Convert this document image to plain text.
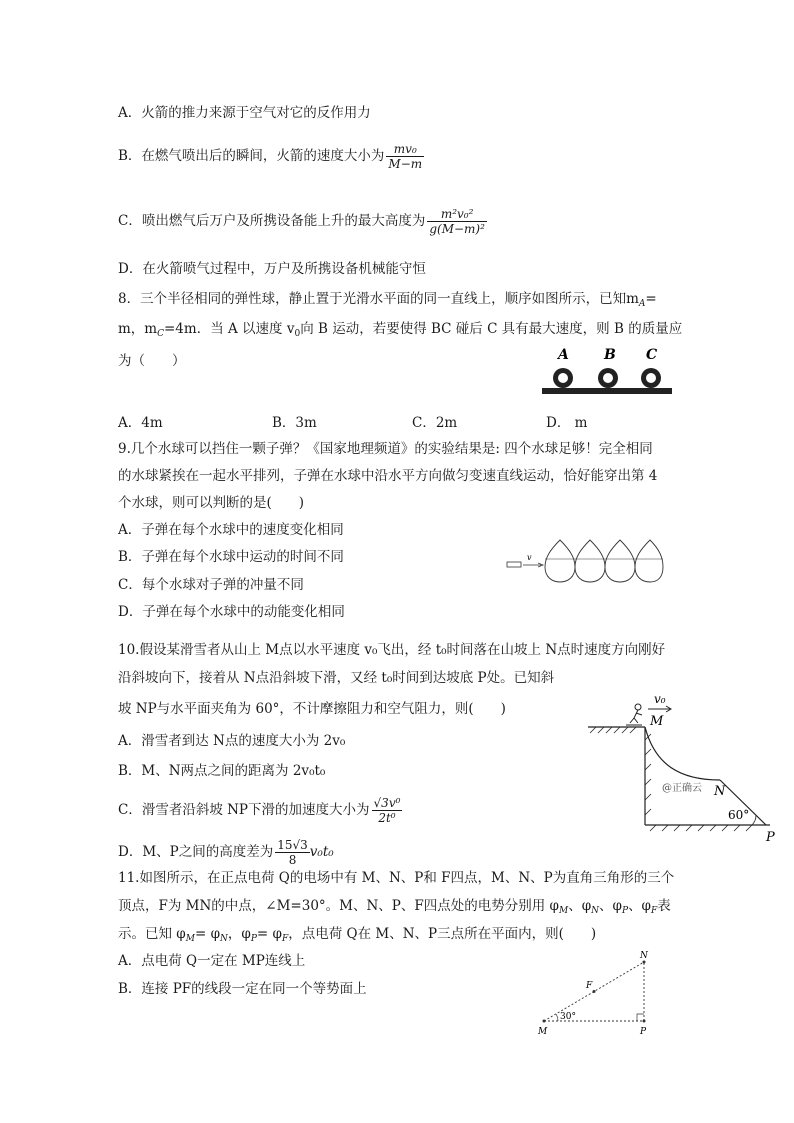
A．火箭的推力来源于空气对它的反作用力
B．在燃气喷出后的瞬间，火箭的速度大小为 $\frac{\text{mv₀}}{M-m}$
C．喷出燃气后万户及所携设备能上升的最大高度为 $\frac{\text{m²v₀²}}{\text{g(M−m)²}}$
D．在火箭喷气过程中，万户及所携设备机械能守恒
8．三个半径相同的弹性球，静止置于光滑水平面的同一直线上，顺序如图所示，已知$m_A=$
m，$m_C=4m$．当 A 以速度 $v_0$向 B 运动，若要使得 BC 碰后 C 具有最大速度，则 B 的质量应
为（　　）	A	B C
A．4m	B．3m	C．2m	D． m
9.几个水球可以挡住一颗子弹？《国家地理频道》的实验结果是: 四个水球足够！完全相同
的水球紧挨在一起水平排列，子弹在水球中沿水平方向做匀变速直线运动，恰好能穿出第 4
个水球，则可以判断的是(　　)
A．子弹在每个水球中的速度变化相同
B．子弹在每个水球中运动的时间不同
C．每个水球对子弹的冲量不同
D．子弹在每个水球中的动能变化相同
v
10.假设某滑雪者从山上 M点以水平速度 v₀飞出，经 t₀时间落在山坡上 N点时速度方向刚好
沿斜坡向下，接着从 N点沿斜坡下滑，又经 t₀时间到达坡底 P处。已知斜
坡 NP与水平面夹角为 60°，不计摩擦阻力和空气阻力，则(　　)
A．滑雪者到达 N点的速度大小为 2v₀
B．M、N两点之间的距离为 2v₀t₀
C．滑雪者沿斜坡 NP下滑的加速度大小为 $\frac{\text{√3v⁰}}{\text{2t⁰}}$
D．M、P之间的高度差为 $\frac{15√3}{8} v_0t_0$
v₀
M
N
P
60°
@正确云
11.如图所示，在正点电荷 Q的电场中有 M、N、P和 F四点，M、N、P为直角三角形的三个
顶点，F为 MN的中点，∠M=30°。M、N、P、F四点处的电势分别用 $\varphi_M$、$\varphi_N$、$\varphi_P$、$\varphi_F$表
示。已知 $\varphi_M= \varphi_N$，$\varphi_P= \varphi_F$，点电荷 Q在 M、N、P三点所在平面内，则(　　)
A．点电荷 Q一定在 MP连线上
B．连接 PF的线段一定在同一个等势面上
M
N
P
F
30°
